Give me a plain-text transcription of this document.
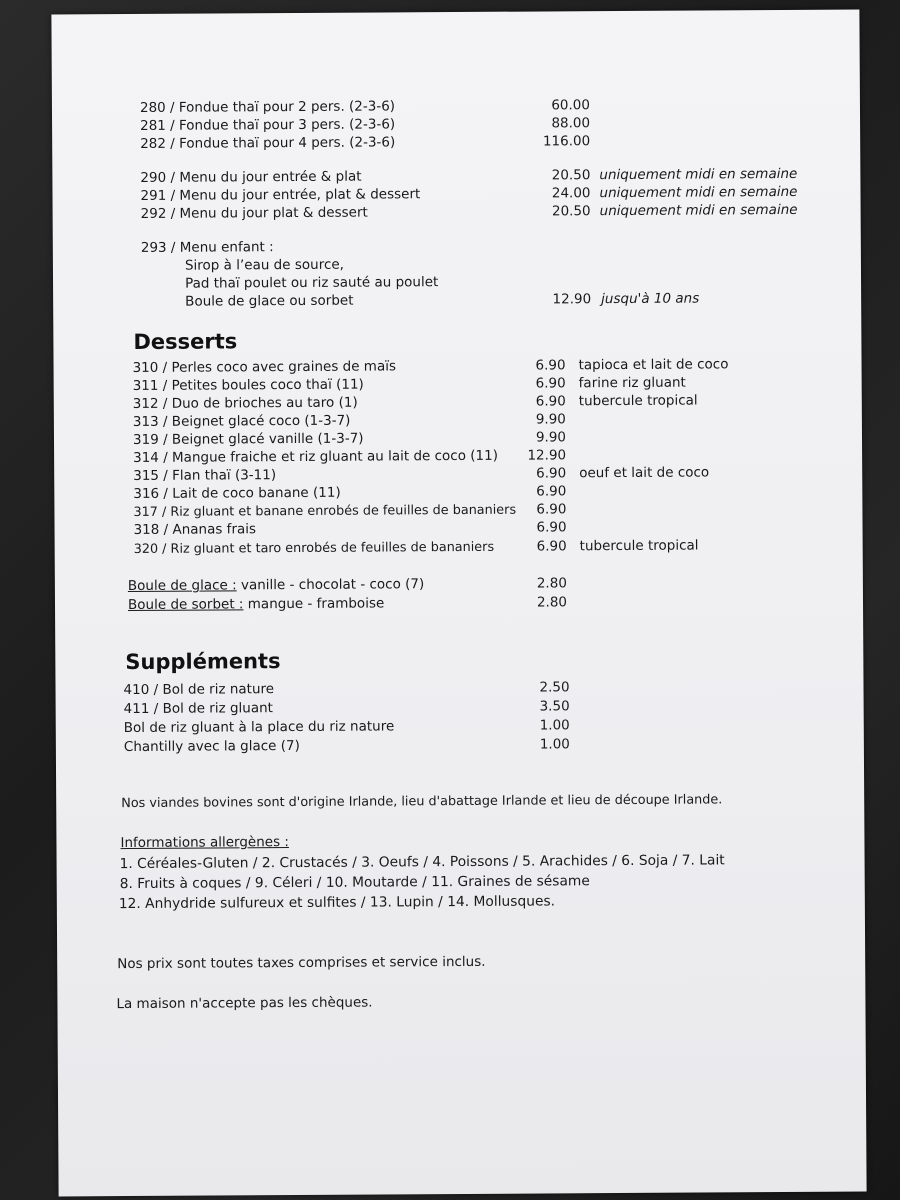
280 / Fondue thaï pour 2 pers. (2-3-6)	60.00
281 / Fondue thaï pour 3 pers. (2-3-6)	88.00
282 / Fondue thaï pour 4 pers. (2-3-6)	116.00
290 / Menu du jour entrée & plat	20.50 uniquement midi en semaine
291 / Menu du jour entrée, plat & dessert	24.00 uniquement midi en semaine
292 / Menu du jour plat & dessert	20.50 uniquement midi en semaine
293 / Menu enfant :
Sirop à l’eau de source,
Pad thaï poulet ou riz sauté au poulet
Boule de glace ou sorbet	12.90 jusqu'à 10 ans
Desserts
310 / Perles coco avec graines de maïs	6.90 tapioca et lait de coco
311 / Petites boules coco thaï (11)	6.90 farine riz gluant
312 / Duo de brioches au taro (1)	6.90 tubercule tropical
313 / Beignet glacé coco (1-3-7)	9.90
319 / Beignet glacé vanille (1-3-7)	9.90
314 / Mangue fraiche et riz gluant au lait de coco (11)	12.90
315 / Flan thaï (3-11)	6.90 oeuf et lait de coco
316 / Lait de coco banane (11)	6.90
317 / Riz gluant et banane enrobés de feuilles de bananiers	6.90
318 / Ananas frais	6.90
320 / Riz gluant et taro enrobés de feuilles de bananiers	6.90 tubercule tropical
Boule de glace : vanille - chocolat - coco (7)	2.80
Boule de sorbet : mangue - framboise	2.80
Suppléments
410 / Bol de riz nature	2.50
411 / Bol de riz gluant	3.50
Bol de riz gluant à la place du riz nature	1.00
Chantilly avec la glace (7)	1.00
Nos viandes bovines sont d'origine Irlande, lieu d'abattage Irlande et lieu de découpe Irlande.
Informations allergènes :
1. Céréales-Gluten / 2. Crustacés / 3. Oeufs / 4. Poissons / 5. Arachides / 6. Soja / 7. Lait
8. Fruits à coques / 9. Céleri / 10. Moutarde / 11. Graines de sésame
12. Anhydride sulfureux et sulfites / 13. Lupin / 14. Mollusques.
Nos prix sont toutes taxes comprises et service inclus.
La maison n'accepte pas les chèques.
